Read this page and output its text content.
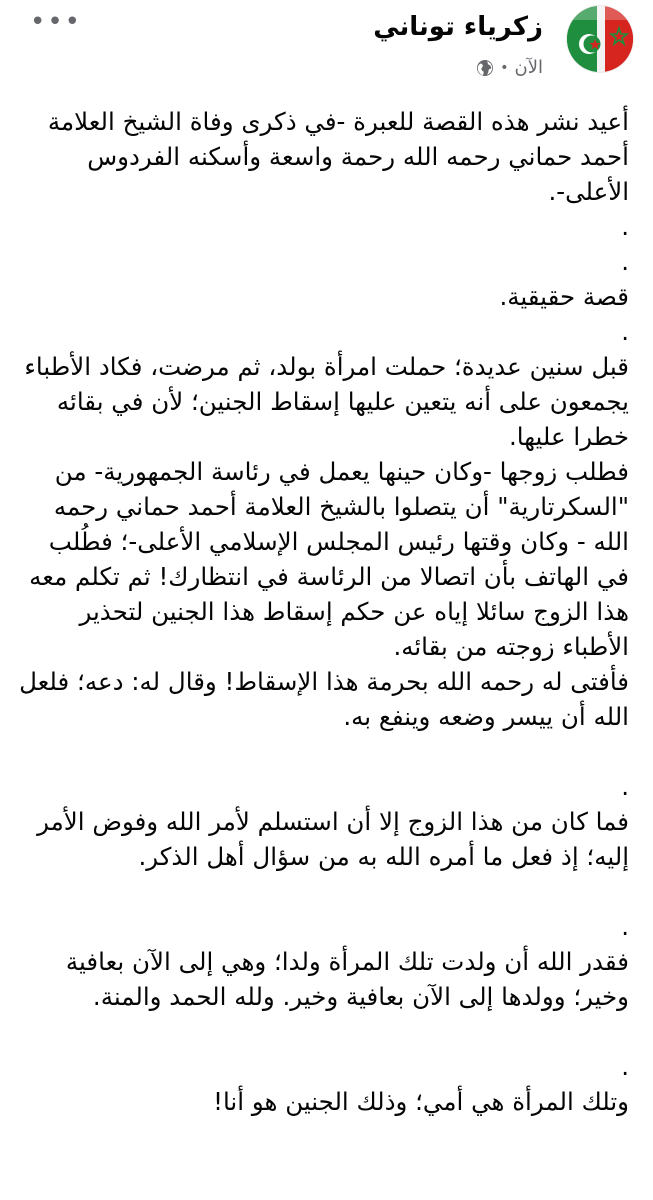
زكرياء توناني
الآن
•
•••

أعيد نشر هذه القصة للعبرة -في ذكرى وفاة الشيخ العلامة

أحمد حماني رحمه الله رحمة واسعة وأسكنه الفردوس

الأعلى-.

.

.

قصة حقيقية.

.

قبل سنين عديدة؛ حملت امرأة بولد، ثم مرضت، فكاد الأطباء

يجمعون على أنه يتعين عليها إسقاط الجنين؛ لأن في بقائه

خطرا عليها.

فطلب زوجها -وكان حينها يعمل في رئاسة الجمهورية- من

"السكرتارية" أن يتصلوا بالشيخ العلامة أحمد حماني رحمه

الله - وكان وقتها رئيس المجلس الإسلامي الأعلى-؛ فطُلب

في الهاتف بأن اتصالا من الرئاسة في انتظارك! ثم تكلم معه

هذا الزوج سائلا إياه عن حكم إسقاط هذا الجنين لتحذير

الأطباء زوجته من بقائه.

فأفتى له رحمه الله بحرمة هذا الإسقاط! وقال له: دعه؛ فلعل

الله أن ييسر وضعه وينفع به.

.

فما كان من هذا الزوج إلا أن استسلم لأمر الله وفوض الأمر

إليه؛ إذ فعل ما أمره الله به من سؤال أهل الذكر.

.

فقدر الله أن ولدت تلك المرأة ولدا؛ وهي إلى الآن بعافية

وخير؛ وولدها إلى الآن بعافية وخير. ولله الحمد والمنة.

.

وتلك المرأة هي أمي؛ وذلك الجنين هو أنا!
